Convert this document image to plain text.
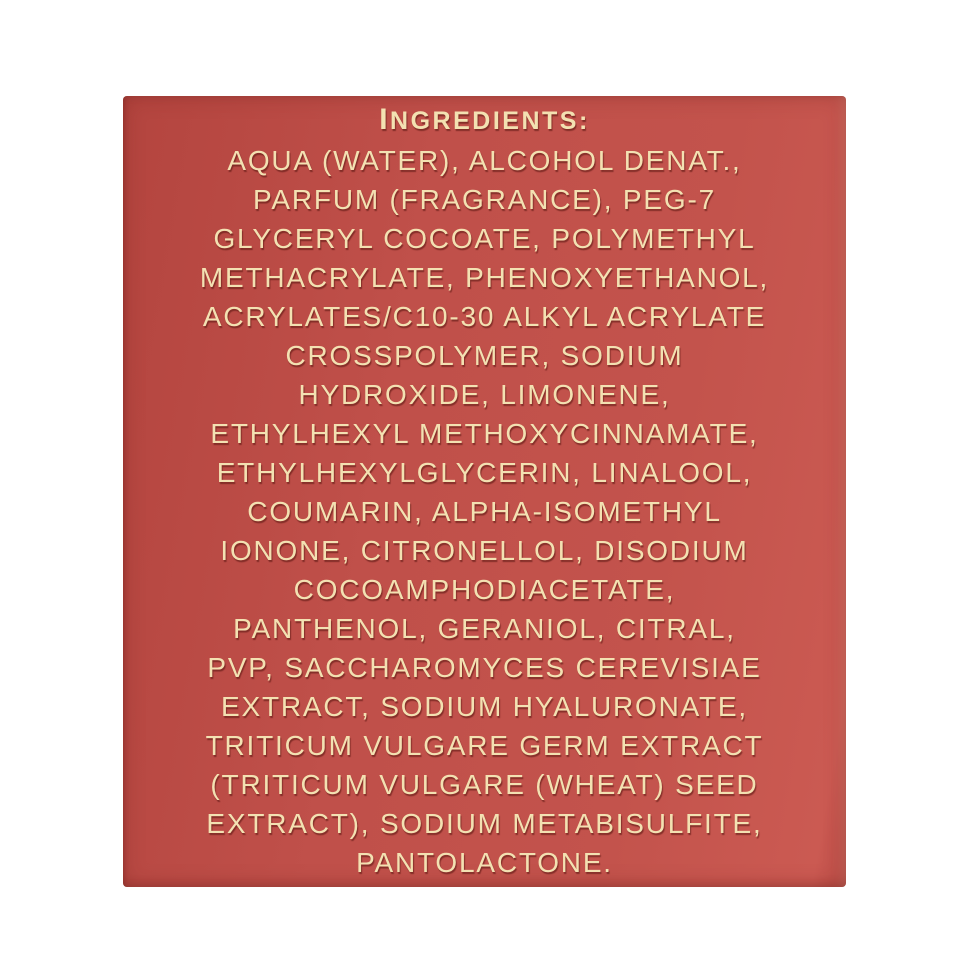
INGREDIENTS:
AQUA (WATER), ALCOHOL DENAT.,
PARFUM (FRAGRANCE), PEG-7
GLYCERYL COCOATE, POLYMETHYL
METHACRYLATE, PHENOXYETHANOL,
ACRYLATES/C10-30 ALKYL ACRYLATE
CROSSPOLYMER, SODIUM
HYDROXIDE, LIMONENE,
ETHYLHEXYL METHOXYCINNAMATE,
ETHYLHEXYLGLYCERIN, LINALOOL,
COUMARIN, ALPHA-ISOMETHYL
IONONE, CITRONELLOL, DISODIUM
COCOAMPHODIACETATE,
PANTHENOL, GERANIOL, CITRAL,
PVP, SACCHAROMYCES CEREVISIAE
EXTRACT, SODIUM HYALURONATE,
TRITICUM VULGARE GERM EXTRACT
(TRITICUM VULGARE (WHEAT) SEED
EXTRACT), SODIUM METABISULFITE,
PANTOLACTONE.
